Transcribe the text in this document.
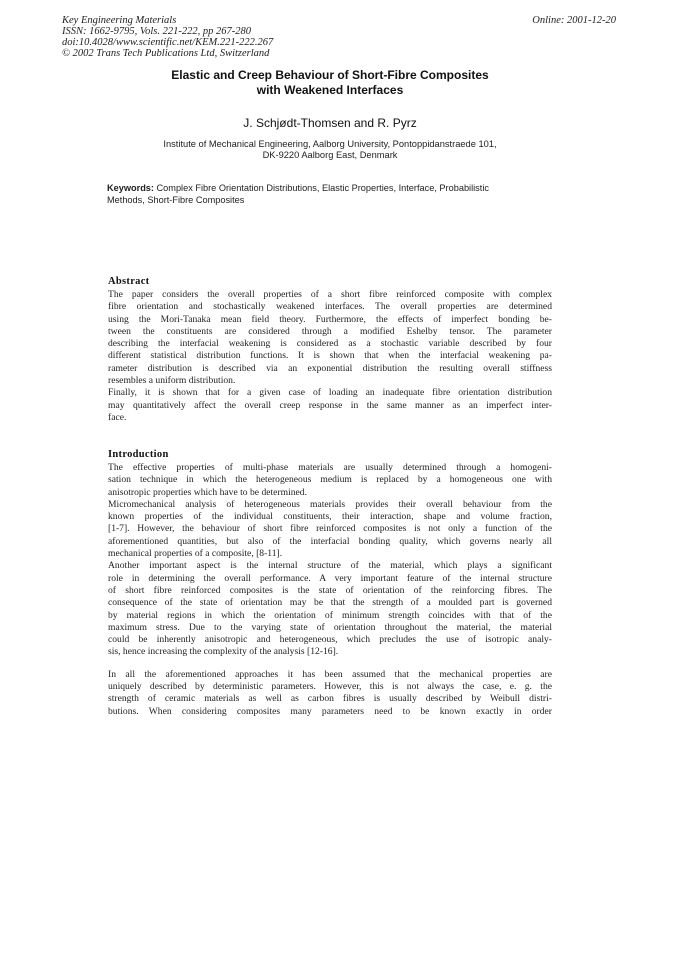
Key Engineering Materials
ISSN: 1662-9795, Vols. 221-222, pp 267-280
doi:10.4028/www.scientific.net/KEM.221-222.267
© 2002 Trans Tech Publications Ltd, Switzerland
Online: 2001-12-20
Elastic and Creep Behaviour of Short-Fibre Composites
with Weakened Interfaces
J. Schjødt-Thomsen and R. Pyrz
Institute of Mechanical Engineering, Aalborg University, Pontoppidanstraede 101,
DK-9220 Aalborg East, Denmark
Keywords: Complex Fibre Orientation Distributions, Elastic Properties, Interface, Probabilistic
Methods, Short-Fibre Composites
Abstract
The paper considers the overall properties of a short fibre reinforced composite with complex
fibre orientation and stochastically weakened interfaces. The overall properties are determined
using the Mori-Tanaka mean field theory. Furthermore, the effects of imperfect bonding be-
tween the constituents are considered through a modified Eshelby tensor. The parameter
describing the interfacial weakening is considered as a stochastic variable described by four
different statistical distribution functions. It is shown that when the interfacial weakening pa-
rameter distribution is described via an exponential distribution the resulting overall stiffness
resembles a uniform distribution.
Finally, it is shown that for a given case of loading an inadequate fibre orientation distribution
may quantitatively affect the overall creep response in the same manner as an imperfect inter-
face.
Introduction
The effective properties of multi-phase materials are usually determined through a homogeni-
sation technique in which the heterogeneous medium is replaced by a homogeneous one with
anisotropic properties which have to be determined.
Micromechanical analysis of heterogeneous materials provides their overall behaviour from the
known properties of the individual constituents, their interaction, shape and volume fraction,
[1-7]. However, the behaviour of short fibre reinforced composites is not only a function of the
aforementioned quantities, but also of the interfacial bonding quality, which governs nearly all
mechanical properties of a composite, [8-11].
Another important aspect is the internal structure of the material, which plays a significant
role in determining the overall performance. A very important feature of the internal structure
of short fibre reinforced composites is the state of orientation of the reinforcing fibres. The
consequence of the state of orientation may be that the strength of a moulded part is governed
by material regions in which the orientation of minimum strength coincides with that of the
maximum stress. Due to the varying state of orientation throughout the material, the material
could be inherently anisotropic and heterogeneous, which precludes the use of isotropic analy-
sis, hence increasing the complexity of the analysis [12-16].
In all the aforementioned approaches it has been assumed that the mechanical properties are
uniquely described by deterministic parameters. However, this is not always the case, e. g. the
strength of ceramic materials as well as carbon fibres is usually described by Weibull distri-
butions. When considering composites many parameters need to be known exactly in order
